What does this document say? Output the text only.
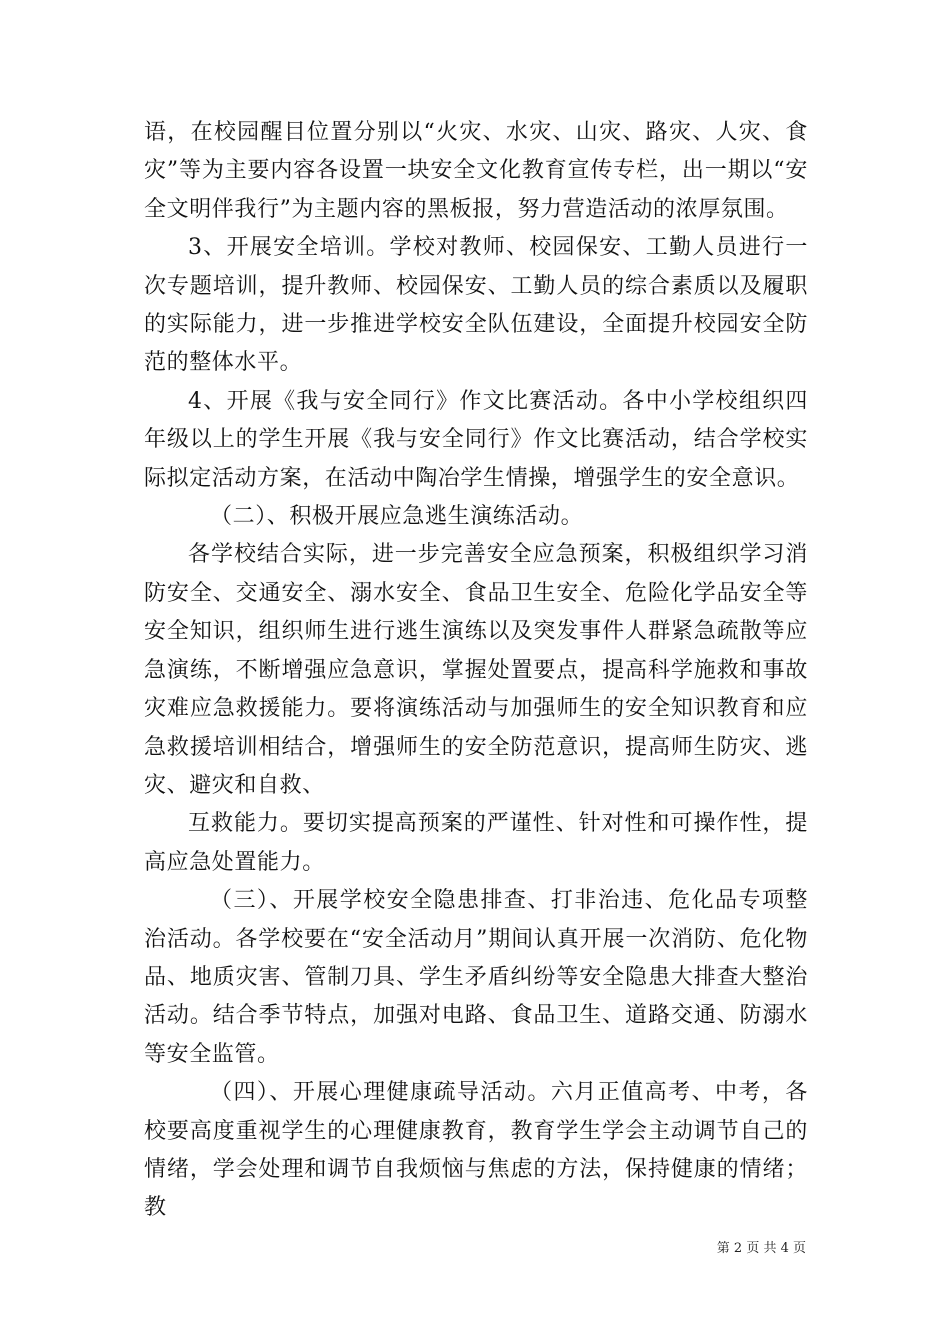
语，在校园醒目位置分别以“火灾、水灾、山灾、路灾、人灾、食灾”等为主要内容各设置一块安全文化教育宣传专栏，出一期以“安全文明伴我行”为主题内容的黑板报，努力营造活动的浓厚氛围。

3、开展安全培训。学校对教师、校园保安、工勤人员进行一次专题培训，提升教师、校园保安、工勤人员的综合素质以及履职的实际能力，进一步推进学校安全队伍建设，全面提升校园安全防范的整体水平。

4、开展《我与安全同行》作文比赛活动。各中小学校组织四年级以上的学生开展《我与安全同行》作文比赛活动，结合学校实际拟定活动方案，在活动中陶冶学生情操，增强学生的安全意识。

（二）、积极开展应急逃生演练活动。

各学校结合实际，进一步完善安全应急预案，积极组织学习消防安全、交通安全、溺水安全、食品卫生安全、危险化学品安全等安全知识，组织师生进行逃生演练以及突发事件人群紧急疏散等应急演练，不断增强应急意识，掌握处置要点，提高科学施救和事故灾难应急救援能力。要将演练活动与加强师生的安全知识教育和应急救援培训相结合，增强师生的安全防范意识，提高师生防灾、逃灾、避灾和自救、

互救能力。要切实提高预案的严谨性、针对性和可操作性，提高应急处置能力。

（三）、开展学校安全隐患排查、打非治违、危化品专项整治活动。各学校要在“安全活动月”期间认真开展一次消防、危化物品、地质灾害、管制刀具、学生矛盾纠纷等安全隐患大排查大整治活动。结合季节特点，加强对电路、食品卫生、道路交通、防溺水等安全监管。

（四）、开展心理健康疏导活动。六月正值高考、中考，各校要高度重视学生的心理健康教育，教育学生学会主动调节自己的情绪，学会处理和调节自我烦恼与焦虑的方法，保持健康的情绪；教

第 2 页 共 4 页
